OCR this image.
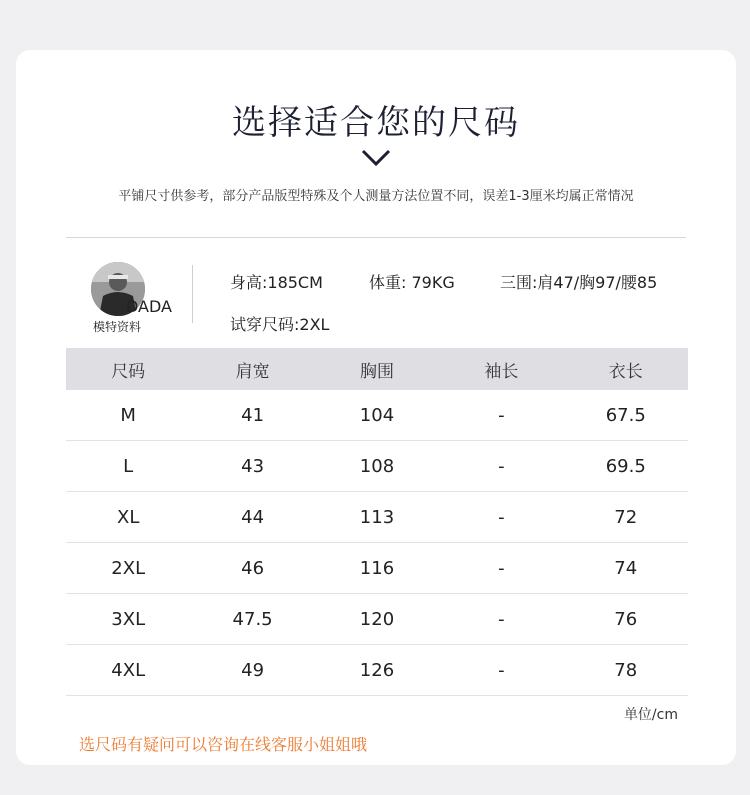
选择适合您的尺码
平铺尺寸供参考，部分产品版型特殊及个人测量方法位置不同，误差1-3厘米均属正常情况
DADA
模特资料
身高:185CM	体重: 79KG	三围:肩47/胸97/腰85
试穿尺码:2XL
尺码	肩宽	胸围	袖长	衣长
M	41	104	-	67.5
L	43	108	-	69.5
XL	44	113	-	72
2XL	46	116	-	74
3XL	47.5	120	-	76
4XL	49	126	-	78
单位/cm
选尺码有疑问可以咨询在线客服小姐姐哦
